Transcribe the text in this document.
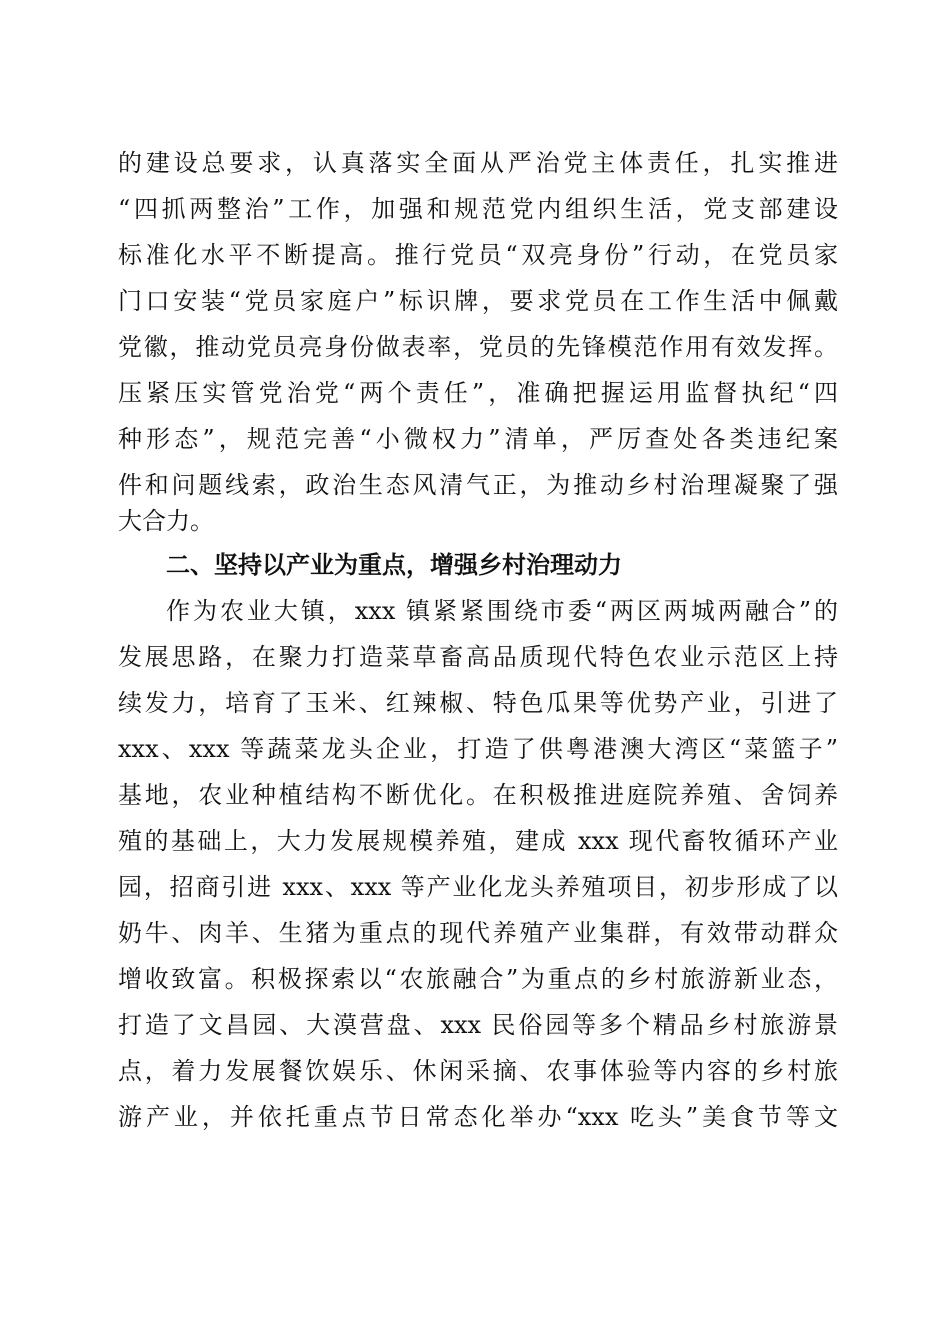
的建设总要求，认真落实全面从严治党主体责任，扎实推进
“四抓两整治”工作，加强和规范党内组织生活，党支部建设
标准化水平不断提高。推行党员“双亮身份”行动，在党员家
门口安装“党员家庭户”标识牌，要求党员在工作生活中佩戴
党徽，推动党员亮身份做表率，党员的先锋模范作用有效发挥。
压紧压实管党治党“两个责任”，准确把握运用监督执纪“四
种形态”，规范完善“小微权力”清单，严厉查处各类违纪案
件和问题线索，政治生态风清气正，为推动乡村治理凝聚了强
大合力。
二、坚持以产业为重点，增强乡村治理动力
作为农业大镇，xxx 镇紧紧围绕市委“两区两城两融合”的
发展思路，在聚力打造菜草畜高品质现代特色农业示范区上持
续发力，培育了玉米、红辣椒、特色瓜果等优势产业，引进了
xxx、xxx 等蔬菜龙头企业，打造了供粤港澳大湾区“菜篮子”
基地，农业种植结构不断优化。在积极推进庭院养殖、舍饲养
殖的基础上，大力发展规模养殖，建成 xxx 现代畜牧循环产业
园，招商引进 xxx、xxx 等产业化龙头养殖项目，初步形成了以
奶牛、肉羊、生猪为重点的现代养殖产业集群，有效带动群众
增收致富。积极探索以“农旅融合”为重点的乡村旅游新业态，
打造了文昌园、大漠营盘、xxx 民俗园等多个精品乡村旅游景
点，着力发展餐饮娱乐、休闲采摘、农事体验等内容的乡村旅
游产业，并依托重点节日常态化举办“xxx 吃头”美食节等文
